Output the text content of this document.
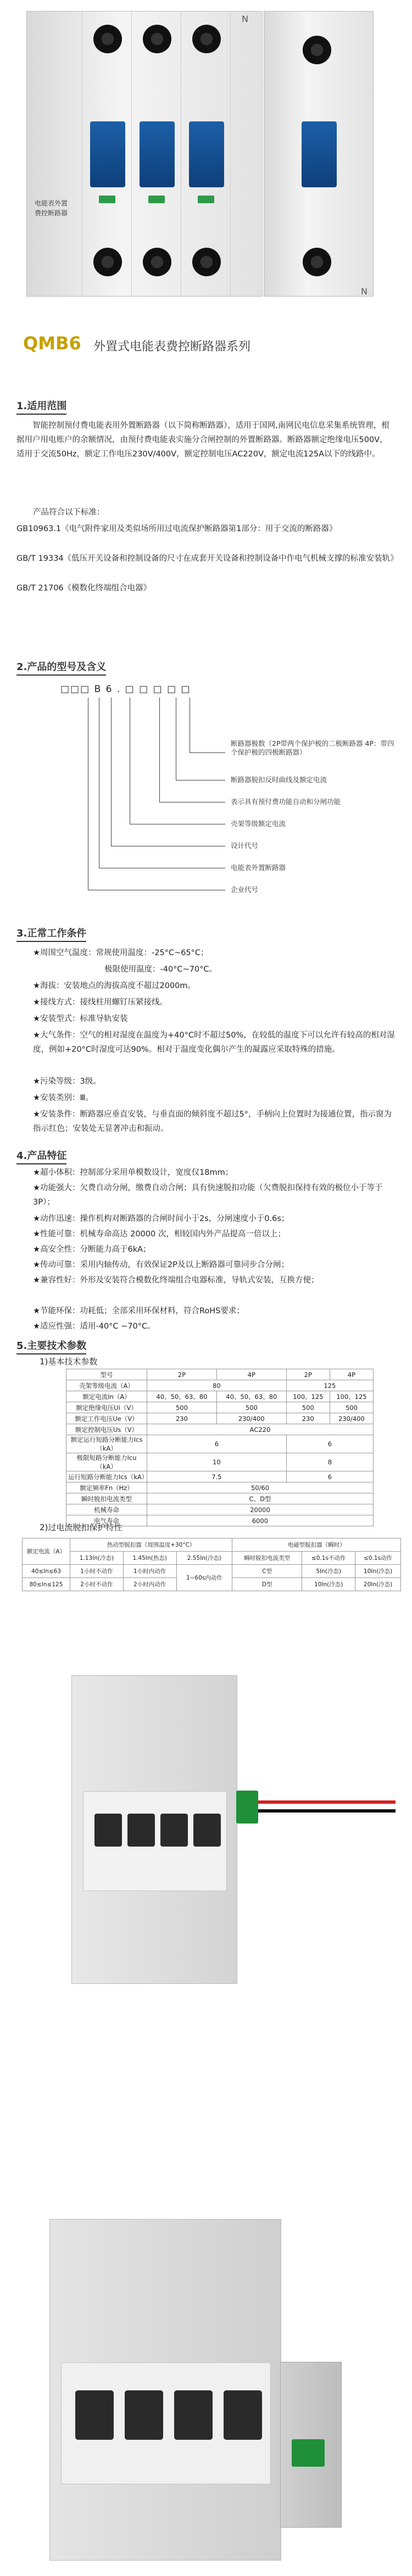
电能表外置
费控断路器
N
N
QMB6 外置式电能表费控断路器系列
1.适用范围
智能控制预付费电能表用外置断路器（以下简称断路器），适用于国网,南网民电信息采集系统管理，根据用户用电账户的余额情况，由预付费电能表实施分合闸控制的外置断路器。断路器额定绝缘电压500V，适用于交流50Hz，额定工作电压230V/400V，额定控制电压AC220V，额定电流125A以下的线路中。
产品符合以下标准：
GB10963.1《电气附件家用及类似场所用过电流保护断路器第1部分：用于交流的断路器》
GB/T 19334《低压开关设备和控制设备的尺寸在成套开关设备和控制设备中作电气机械支撑的标准安装轨》
GB/T 21706《模数化终端组合电器》
2.产品的型号及含义
□□□ B 6 . □ □ □ □ □
断路器极数（2P带两个保护极的二极断路器 4P：带四个保护极的四极断路器）
断路器脱扣反时曲线及额定电流
表示具有预付费功能自动和分闸功能
壳架等级额定电流
设计代号
电能表外置断路器
企业代号
3.正常工作条件
★周围空气温度：常规使用温度：-25°C~65°C；
极限使用温度：-40°C~70°C。
★海拔：安装地点的海拔高度不超过2000m。
★接线方式：接线柱用螺钉压紧接线。
★安装型式：标准导轨安装
★大气条件：空气的相对湿度在温度为+40°C时不超过50%，在较低的温度下可以允许有较高的相对湿度，例如+20°C时湿度可达90%。相对于温度变化偶尔产生的凝露应采取特殊的措施。
★污染等级：3级。
★安装类别：Ⅲ。
★安装条件：断路器应垂直安装，与垂直面的倾斜度不超过5°，手柄向上位置时为接通位置，指示窗为指示红色；安装处无显著冲击和振动。
4.产品特征
★超小体积：控制部分采用单模数设计，宽度仅18mm；
★功能强大：欠费自动分闸，缴费自动合闸；具有快速脱扣功能（欠费脱扣保持有效的极位小于等于3P）；
★动作迅速：操作机构对断路器的合闸时间小于2s，分闸速度小于0.6s；
★性能可靠：机械寿命高达 20000 次，相较国内外产品提高一倍以上；
★高安全性：分断能力高于6kA；
★传动可靠：采用内轴传动，有效保证2P及以上断路器可靠同步合分闸；
★兼容性好：外形及安装符合模数化终端组合电器标准，导轨式安装，互换方便；
★节能环保：功耗低；全部采用环保材料，符合RoHS要求；
★适应性强：适用-40°C ~70°C。
5.主要技术参数
1)基本技术参数
型号	2P	4P	2P	4P
壳架等级电流（A）	80		125	
额定电流In（A）	40、50、63、80	40、50、63、80	100、125	100、125
额定绝缘电压Ui（V）	500	500	500	500
额定工作电压Ue（V）	230	230/400	230	230/400
额定控制电压Us（V）	AC220			
额定运行短路分断能力Ics（kA）	6		6	
极限短路分断能力Icu（kA）	10		8	
运行短路分断能力Ics（kA）	7.5		6	
额定频率Fn（Hz）	50/60			
瞬时脱扣电流类型	C、D型			
机械寿命	20000			
电气寿命	6000			
2)过电流脱扣保护特性
额定电流（A）	热动型脱扣器（周围温度+30°C）			电磁型脱扣器（瞬时）		
	1.13In(冷态)	1.45In(热态)	2.55In(冷态)	瞬时脱扣电流类型	≤0.1s不动作	≤0.1s动作
40≤In≤63	1小时不动作	1小时内动作	1~60s内动作	C型	5In(冷态)	10In(冷态)
80≤In≤125	2小时不动作	2小时内动作		D型	10In(冷态)	20In(冷态)
